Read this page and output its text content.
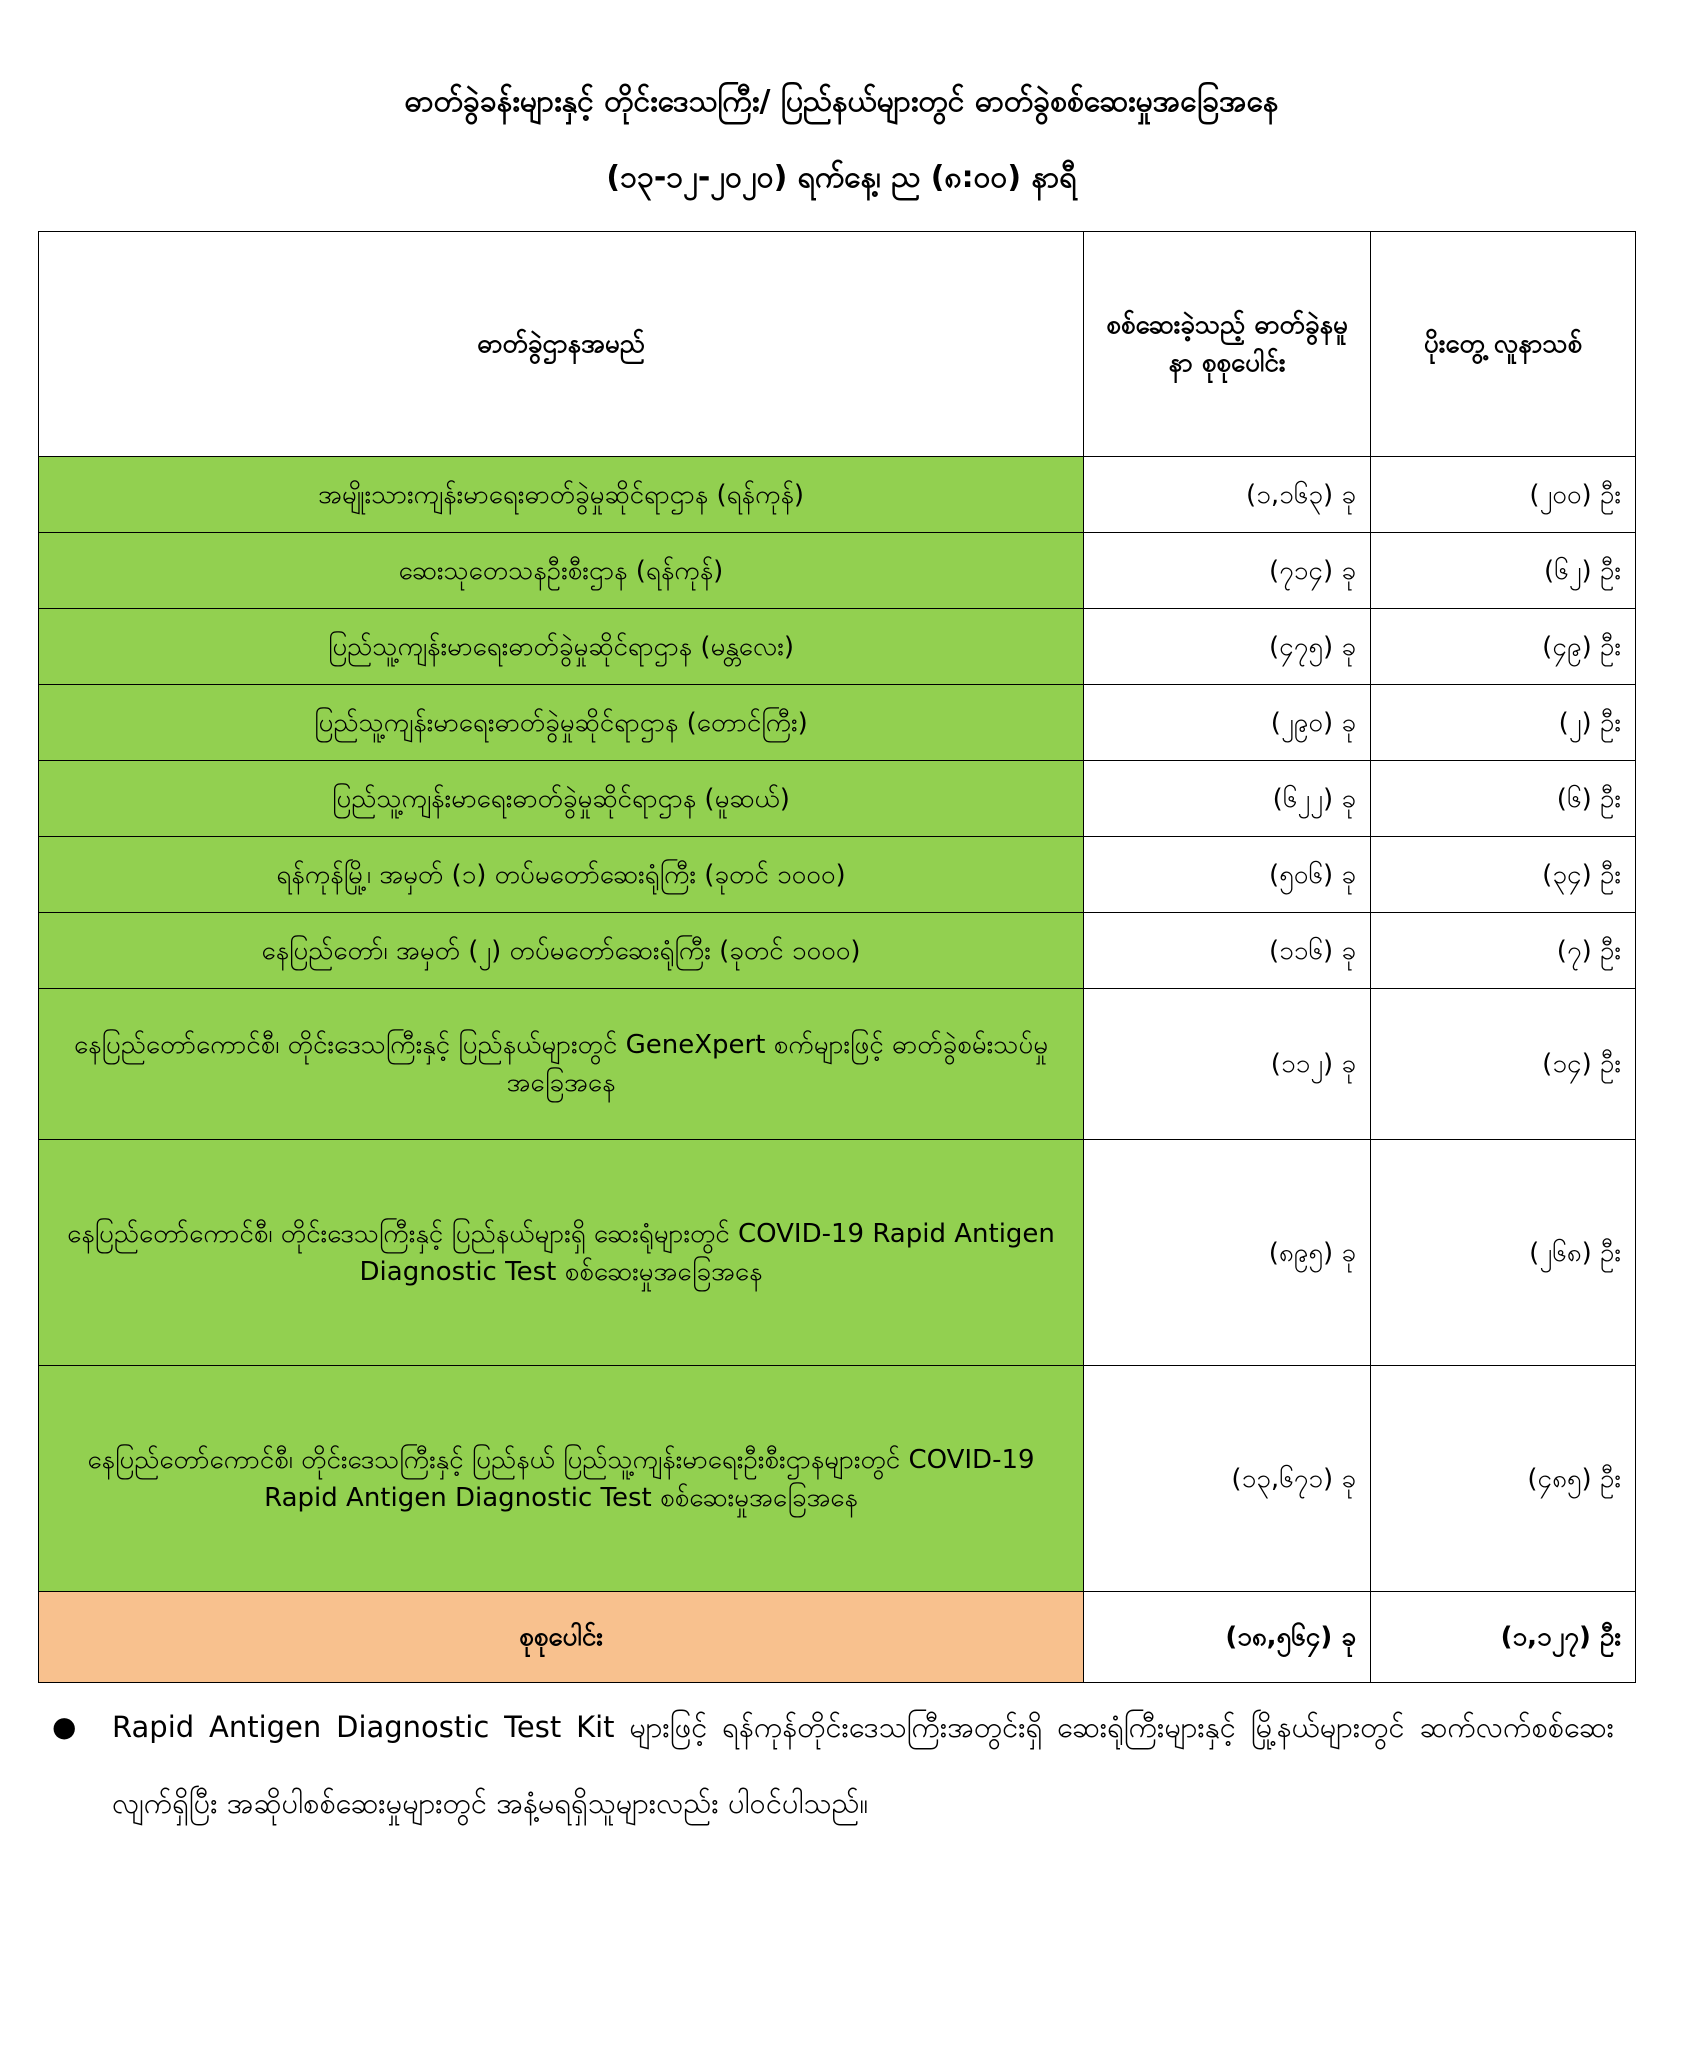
ဓာတ်ခွဲခန်းများနှင့် တိုင်းဒေသကြီး/ ပြည်နယ်များတွင် ဓာတ်ခွဲစစ်ဆေးမှုအခြေအနေ
(၁၃-၁၂-၂၀၂၀) ရက်နေ့၊ ည (၈:၀၀) နာရီ
ဓာတ်ခွဲဌာနအမည်	စစ်ဆေးခဲ့သည့် ဓာတ်ခွဲနမူနာ စုစုပေါင်း	ပိုးတွေ့ လူနာသစ်
အမျိုးသားကျန်းမာရေးဓာတ်ခွဲမှုဆိုင်ရာဌာန (ရန်ကုန်)	(၁,၁၆၃) ခု	(၂၀၀) ဦး
ဆေးသုတေသနဦးစီးဌာန (ရန်ကုန်)	(၇၁၄) ခု	(၆၂) ဦး
ပြည်သူ့ကျန်းမာရေးဓာတ်ခွဲမှုဆိုင်ရာဌာန (မန္တလေး)	(၄၇၅) ခု	(၄၉) ဦး
ပြည်သူ့ကျန်းမာရေးဓာတ်ခွဲမှုဆိုင်ရာဌာန (တောင်ကြီး)	(၂၉၀) ခု	(၂) ဦး
ပြည်သူ့ကျန်းမာရေးဓာတ်ခွဲမှုဆိုင်ရာဌာန (မူဆယ်)	(၆၂၂) ခု	(၆) ဦး
ရန်ကုန်မြို့၊ အမှတ် (၁) တပ်မတော်ဆေးရုံကြီး (ခုတင် ၁၀၀၀)	(၅၀၆) ခု	(၃၄) ဦး
နေပြည်တော်၊ အမှတ် (၂) တပ်မတော်ဆေးရုံကြီး (ခုတင် ၁၀၀၀)	(၁၁၆) ခု	(၇) ဦး
နေပြည်တော်ကောင်စီ၊ တိုင်းဒေသကြီးနှင့် ပြည်နယ်များတွင် GeneXpert စက်များဖြင့် ဓာတ်ခွဲစမ်းသပ်မှုအခြေအနေ	(၁၁၂) ခု	(၁၄) ဦး
နေပြည်တော်ကောင်စီ၊ တိုင်းဒေသကြီးနှင့် ပြည်နယ်များရှိ ဆေးရုံများတွင် COVID-19 Rapid Antigen Diagnostic Test စစ်ဆေးမှုအခြေအနေ	(၈၉၅) ခု	(၂၆၈) ဦး
နေပြည်တော်ကောင်စီ၊ တိုင်းဒေသကြီးနှင့် ပြည်နယ် ပြည်သူ့ကျန်းမာရေးဦးစီးဌာနများတွင် COVID-19 Rapid Antigen Diagnostic Test စစ်ဆေးမှုအခြေအနေ	(၁၃,၆၇၁) ခု	(၄၈၅) ဦး
စုစုပေါင်း	(၁၈,၅၆၄) ခု	(၁,၁၂၇) ဦး
●	Rapid Antigen Diagnostic Test Kit များဖြင့် ရန်ကုန်တိုင်းဒေသကြီးအတွင်းရှိ ဆေးရုံကြီးများနှင့် မြို့နယ်များတွင် ဆက်လက်စစ်ဆေးလျက်ရှိပြီး အဆိုပါစစ်ဆေးမှုများတွင် အနံ့မရရှိသူများလည်း ပါဝင်ပါသည်။
